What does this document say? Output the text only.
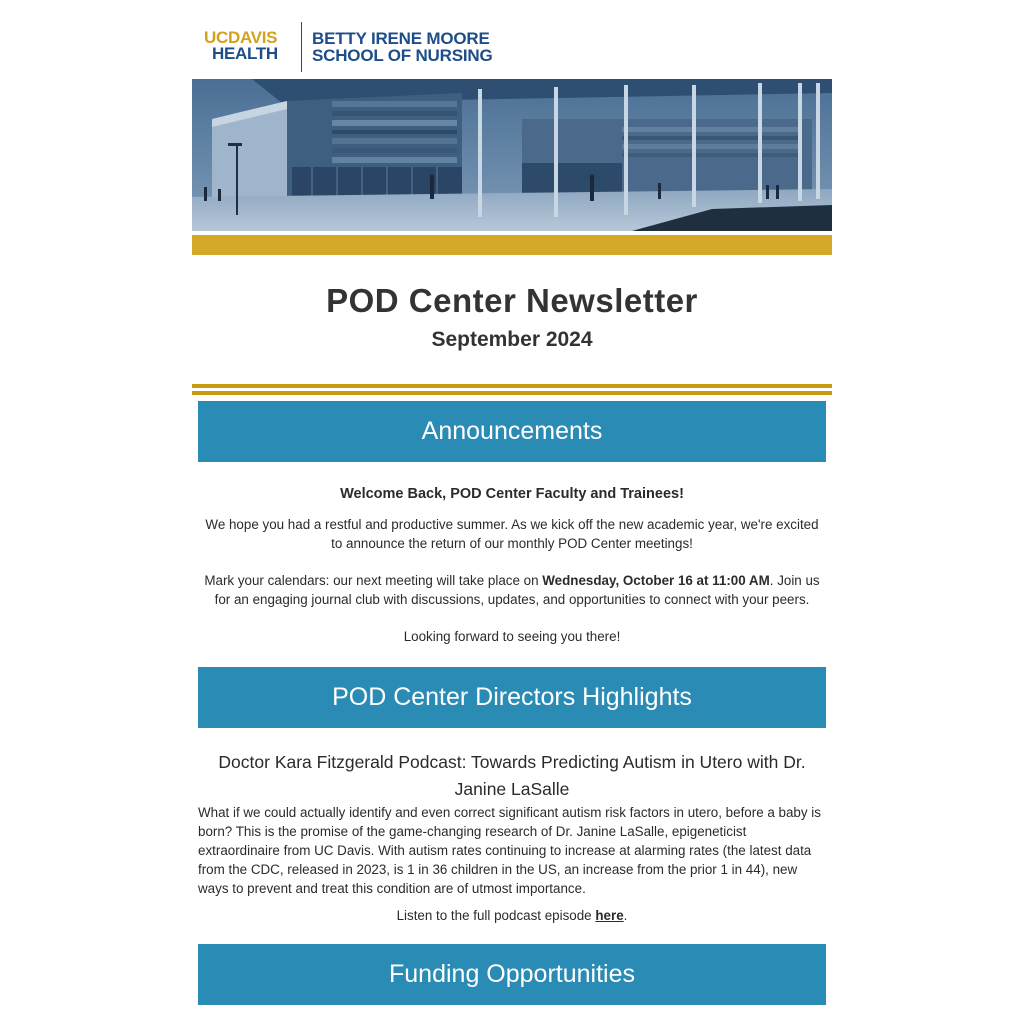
UCDAVIS
HEALTH
BETTY IRENE MOORE
SCHOOL OF NURSING
POD Center Newsletter
September 2024
Announcements
Welcome Back, POD Center Faculty and Trainees!

We hope you had a restful and productive summer. As we kick off the new academic year, we're excited to announce the return of our monthly POD Center meetings!

Mark your calendars: our next meeting will take place on Wednesday, October 16 at 11:00 AM. Join us for an engaging journal club with discussions, updates, and opportunities to connect with your peers.

Looking forward to seeing you there!

POD Center Directors Highlights
Doctor Kara Fitzgerald Podcast: Towards Predicting Autism in Utero with Dr. Janine LaSalle

What if we could actually identify and even correct significant autism risk factors in utero, before a baby is born? This is the promise of the game-changing research of Dr. Janine LaSalle, epigeneticist extraordinaire from UC Davis. With autism rates continuing to increase at alarming rates (the latest data from the CDC, released in 2023, is 1 in 36 children in the US, an increase from the prior 1 in 44), new ways to prevent and treat this condition are of utmost importance.

Listen to the full podcast episode here.
Funding Opportunities
